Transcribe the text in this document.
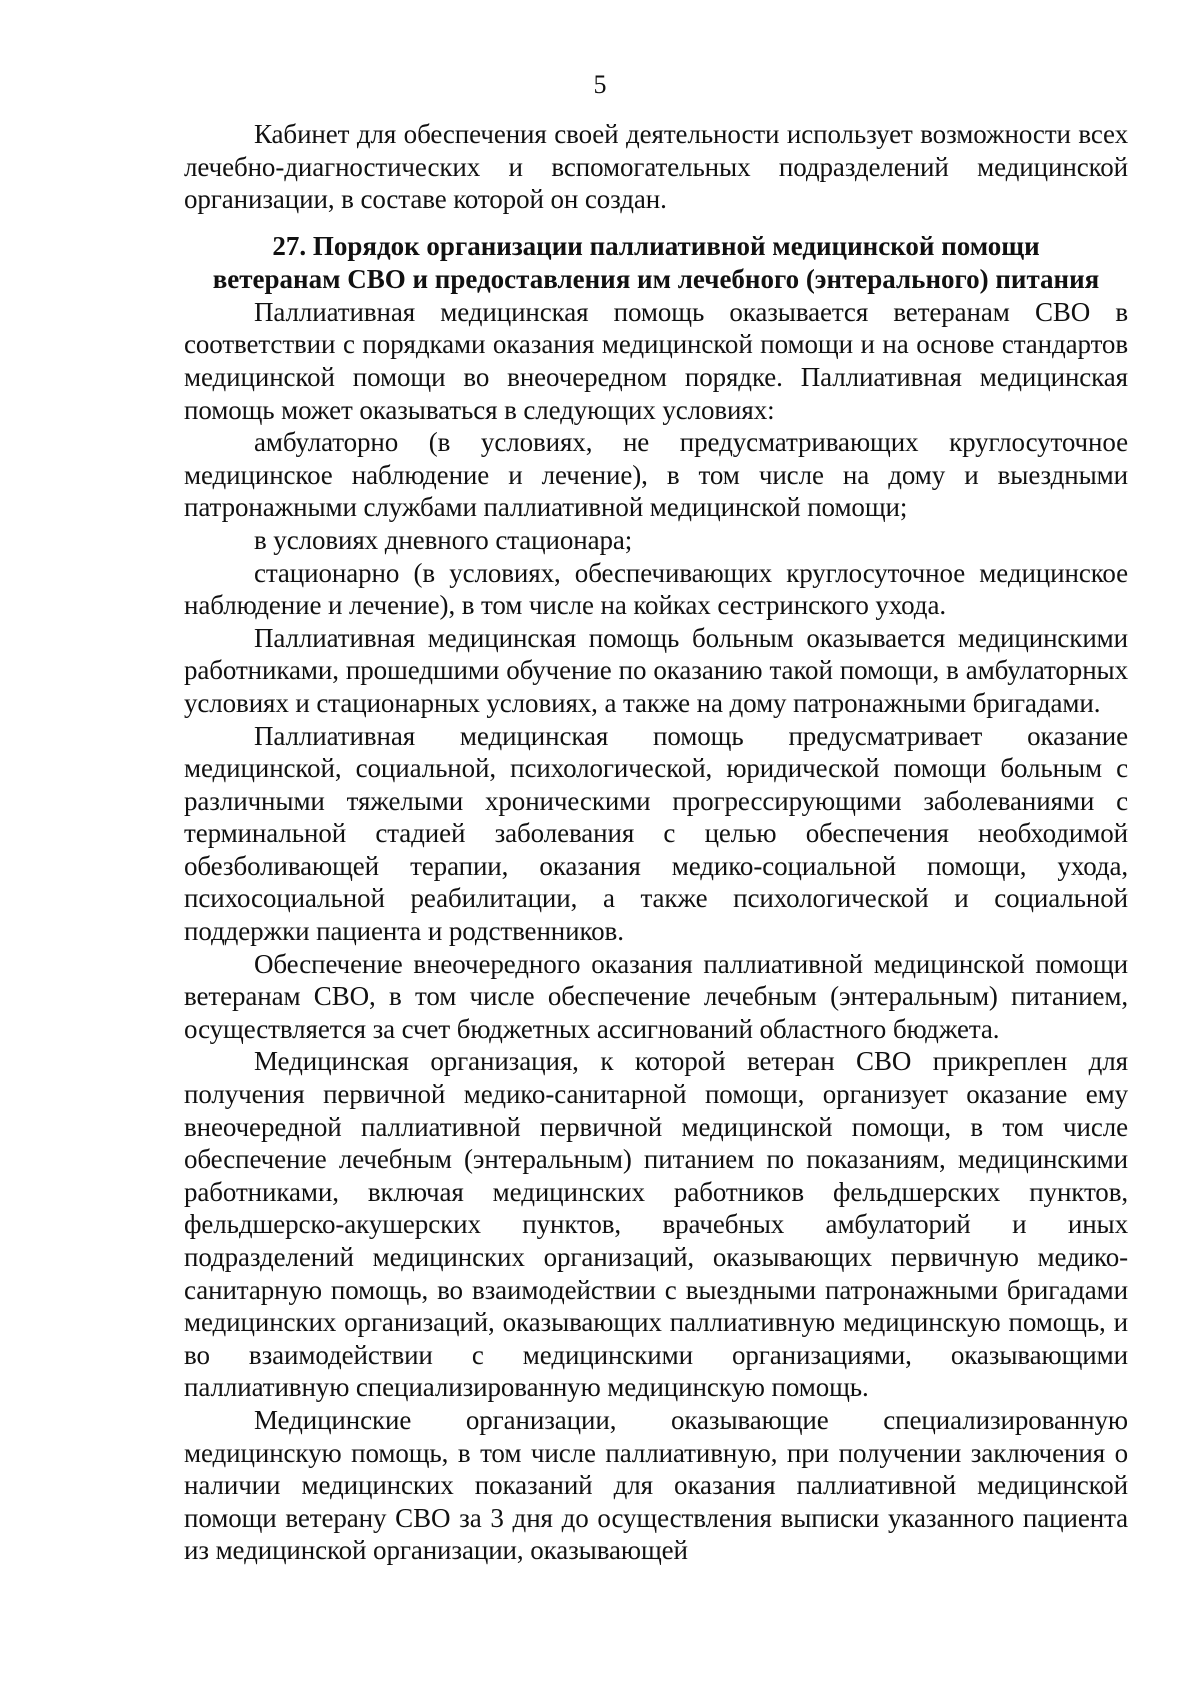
5

Кабинет для обеспечения своей деятельности использует возможности всех лечебно-диагностических и вспомогательных подразделений медицинской организации, в составе которой он создан.

27. Порядок организации паллиативной медицинской помощи
ветеранам СВО и предоставления им лечебного (энтерального) питания

Паллиативная медицинская помощь оказывается ветеранам СВО в соответствии с порядками оказания медицинской помощи и на основе стандартов медицинской помощи во внеочередном порядке. Паллиативная медицинская помощь может оказываться в следующих условиях:

амбулаторно (в условиях, не предусматривающих круглосуточное медицинское наблюдение и лечение), в том числе на дому и выездными патронажными службами паллиативной медицинской помощи;

в условиях дневного стационара;

стационарно (в условиях, обеспечивающих круглосуточное медицинское наблюдение и лечение), в том числе на койках сестринского ухода.

Паллиативная медицинская помощь больным оказывается медицинскими работниками, прошедшими обучение по оказанию такой помощи, в амбулаторных условиях и стационарных условиях, а также на дому патронажными бригадами.

Паллиативная медицинская помощь предусматривает оказание медицинской, социальной, психологической, юридической помощи больным с различными тяжелыми хроническими прогрессирующими заболеваниями с терминальной стадией заболевания с целью обеспечения необходимой обезболивающей терапии, оказания медико-социальной помощи, ухода, психосоциальной реабилитации, а также психологической и социальной поддержки пациента и родственников.

Обеспечение внеочередного оказания паллиативной медицинской помощи ветеранам СВО, в том числе обеспечение лечебным (энтеральным) питанием, осуществляется за счет бюджетных ассигнований областного бюджета.

Медицинская организация, к которой ветеран СВО прикреплен для получения первичной медико-санитарной помощи, организует оказание ему внеочередной паллиативной первичной медицинской помощи, в том числе обеспечение лечебным (энтеральным) питанием по показаниям, медицинскими работниками, включая медицинских работников фельдшерских пунктов, фельдшерско-акушерских пунктов, врачебных амбулаторий и иных подразделений медицинских организаций, оказывающих первичную медико-санитарную помощь, во взаимодействии с выездными патронажными бригадами медицинских организаций, оказывающих паллиативную медицинскую помощь, и во взаимодействии с медицинскими организациями, оказывающими паллиативную специализированную медицинскую помощь.

Медицинские организации, оказывающие специализированную медицинскую помощь, в том числе паллиативную, при получении заключения о наличии медицинских показаний для оказания паллиативной медицинской помощи ветерану СВО за 3 дня до осуществления выписки указанного пациента из медицинской организации, оказывающей
